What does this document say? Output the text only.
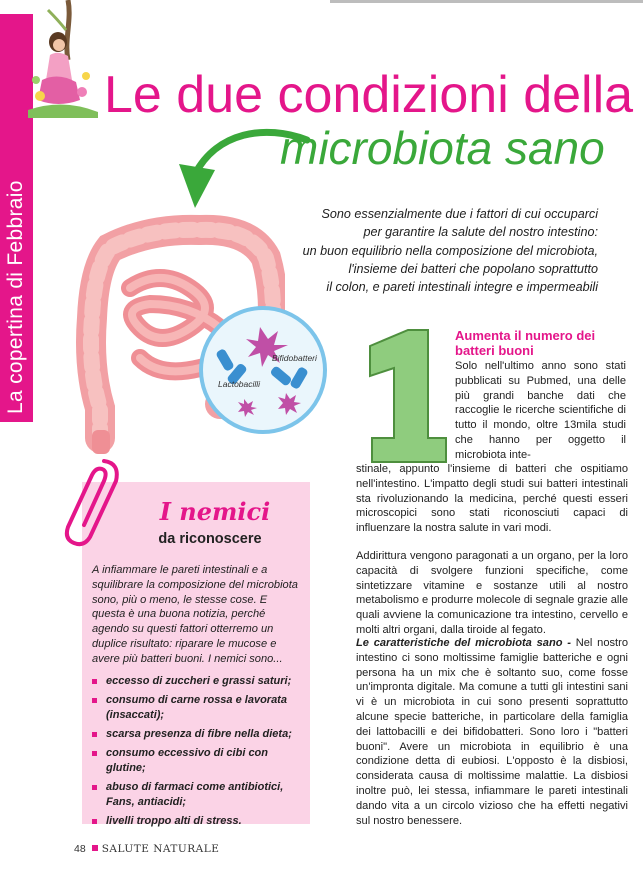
La copertina di Febbraio
Le due condizioni della
microbiota sano
Sono essenzialmente due i fattori di cui occuparci
per garantire la salute del nostro intestino:
un buon equilibrio nella composizione del microbiota,
l'insieme dei batteri che popolano soprattutto
il colon, e pareti intestinali integre e impermeabili
Bifidobatteri
Lactobacilli
Aumenta il numero dei batteri buoni
Solo nell'ultimo anno sono stati pubblicati su Pubmed, una delle più grandi banche dati che raccoglie le ricerche scientifiche di tutto il mondo, oltre 13mila studi che hanno per oggetto il microbiota inte-
stinale, appunto l'insieme di batteri che ospitiamo nell'intestino. L'impatto degli studi sui batteri intestinali sta rivoluzionando la medicina, perché questi esseri microscopici sono stati riconosciuti capaci di influenzare la nostra salute in vari modi.
Addirittura vengono paragonati a un organo, per la loro capacità di svolgere funzioni specifiche, come sintetizzare vitamine e sostanze utili al nostro metabolismo e produrre molecole di segnale grazie alle quali avviene la comunicazione tra intestino, cervello e molti altri organi, dalla tiroide al fegato.
Le caratteristiche del microbiota sano - Nel nostro intestino ci sono moltissime famiglie batteriche e ogni persona ha un mix che è soltanto suo, come fosse un'impronta digitale. Ma comune a tutti gli intestini sani vi è un microbiota in cui sono presenti soprattutto alcune specie batteriche, in particolare della famiglia dei lattobacilli e dei bifidobatteri. Sono loro i "batteri buoni". Avere un microbiota in equilibrio è una condizione detta di eubiosi. L'opposto è la disbiosi, considerata causa di moltissime malattie. La disbiosi inoltre può, lei stessa, infiammare le pareti intestinali dando vita a un circolo vizioso che ha effetti negativi sul nostro benessere.
I nemici
da riconoscere
A infiammare le pareti intestinali e a squilibrare la composizione del microbiota sono, più o meno, le stesse cose. E questa è una buona notizia, perché agendo su questi fattori otterremo un duplice risultato: riparare le mucose e avere più batteri buoni. I nemici sono...
eccesso di zuccheri e grassi saturi;
consumo di carne rossa e lavorata (insaccati);
scarsa presenza di fibre nella dieta;
consumo eccessivo di cibi con glutine;
abuso di farmaci come antibiotici, Fans, antiacidi;
livelli troppo alti di stress.
48 SALUTE NATURALE
